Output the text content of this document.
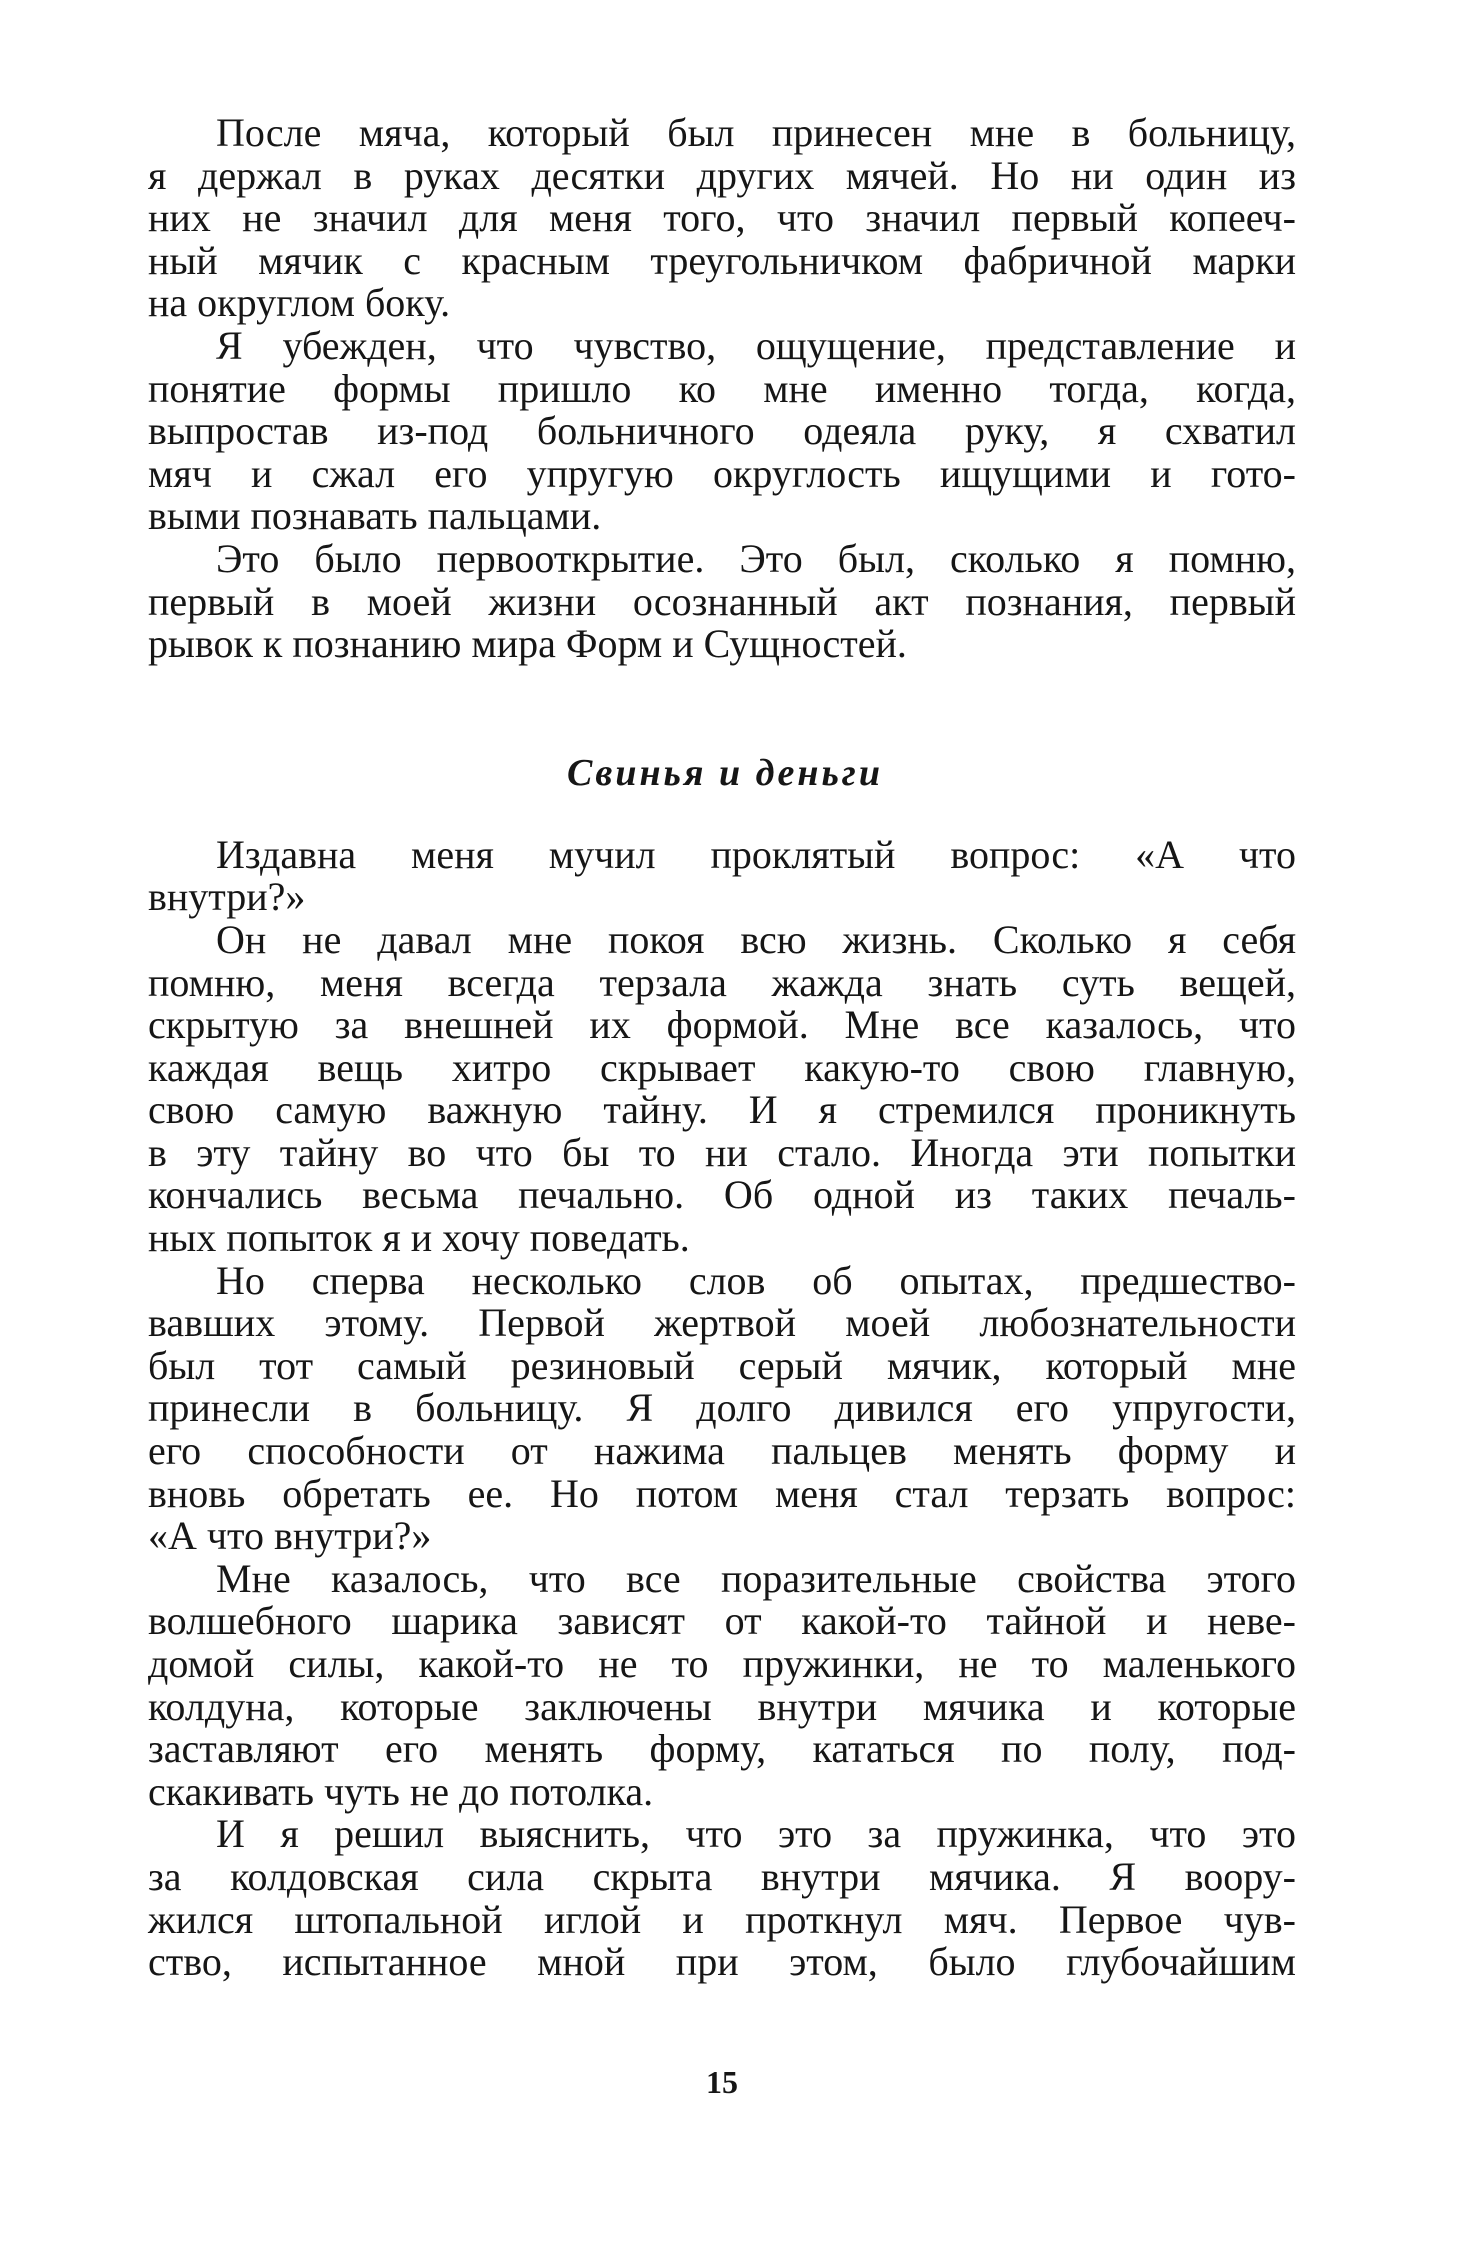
После мяча, который был принесен мне в больницу,
я держал в руках десятки других мячей. Но ни один из
них не значил для меня того, что значил первый копееч-
ный мячик с красным треугольничком фабричной марки
на округлом боку.
Я убежден, что чувство, ощущение, представление и
понятие формы пришло ко мне именно тогда, когда,
выпростав из-под больничного одеяла руку, я схватил
мяч и сжал его упругую округлость ищущими и гото-
выми познавать пальцами.
Это было первооткрытие. Это был, сколько я помню,
первый в моей жизни осознанный акт познания, первый
рывок к познанию мира Форм и Сущностей.
Свинья и деньги
Издавна меня мучил проклятый вопрос: «А что
внутри?»
Он не давал мне покоя всю жизнь. Сколько я себя
помню, меня всегда терзала жажда знать суть вещей,
скрытую за внешней их формой. Мне все казалось, что
каждая вещь хитро скрывает какую-то свою главную,
свою самую важную тайну. И я стремился проникнуть
в эту тайну во что бы то ни стало. Иногда эти попытки
кончались весьма печально. Об одной из таких печаль-
ных попыток я и хочу поведать.
Но сперва несколько слов об опытах, предшество-
вавших этому. Первой жертвой моей любознательности
был тот самый резиновый серый мячик, который мне
принесли в больницу. Я долго дивился его упругости,
его способности от нажима пальцев менять форму и
вновь обретать ее. Но потом меня стал терзать вопрос:
«А что внутри?»
Мне казалось, что все поразительные свойства этого
волшебного шарика зависят от какой-то тайной и неве-
домой силы, какой-то не то пружинки, не то маленького
колдуна, которые заключены внутри мячика и которые
заставляют его менять форму, кататься по полу, под-
скакивать чуть не до потолка.
И я решил выяснить, что это за пружинка, что это
за колдовская сила скрыта внутри мячика. Я воору-
жился штопальной иглой и проткнул мяч. Первое чув-
ство, испытанное мной при этом, было глубочайшим
15
